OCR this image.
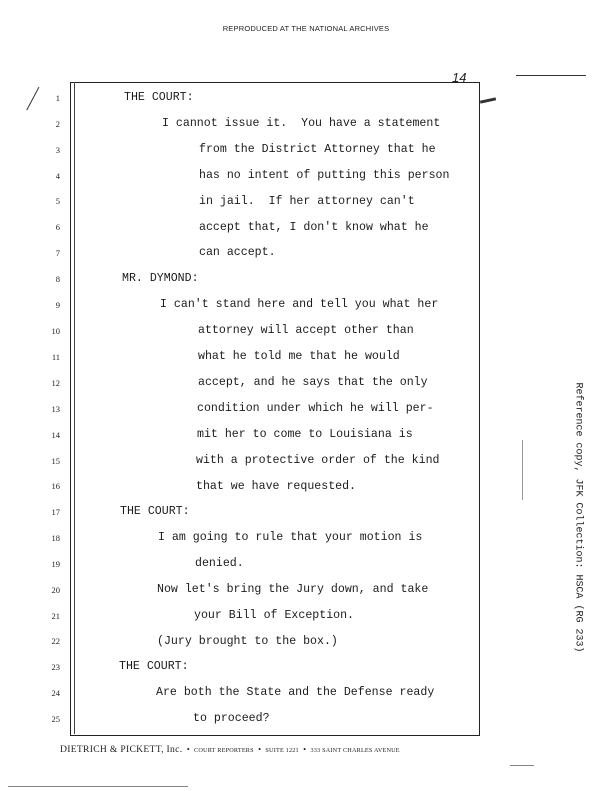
REPRODUCED AT THE NATIONAL ARCHIVES
14
1
2
3
4
5
6
7
8
9
10
11
12
13
14
15
16
17
18
19
20
21
22
23
24
25
THE COURT:
I cannot issue it.  You have a statement
from the District Attorney that he
has no intent of putting this person
in jail.  If her attorney can't
accept that, I don't know what he
can accept.
MR. DYMOND:
I can't stand here and tell you what her
attorney will accept other than
what he told me that he would
accept, and he says that the only
condition under which he will per-
mit her to come to Louisiana is
with a protective order of the kind
that we have requested.
THE COURT:
I am going to rule that your motion is
denied.
Now let's bring the Jury down, and take
your Bill of Exception.
(Jury brought to the box.)
THE COURT:
Are both the State and the Defense ready
to proceed?
Reference copy, JFK Collection: HSCA (RG 233)
DIETRICH & PICKETT, Inc.  •  COURT REPORTERS  •  SUITE 1221  •  333 SAINT CHARLES AVENUE
